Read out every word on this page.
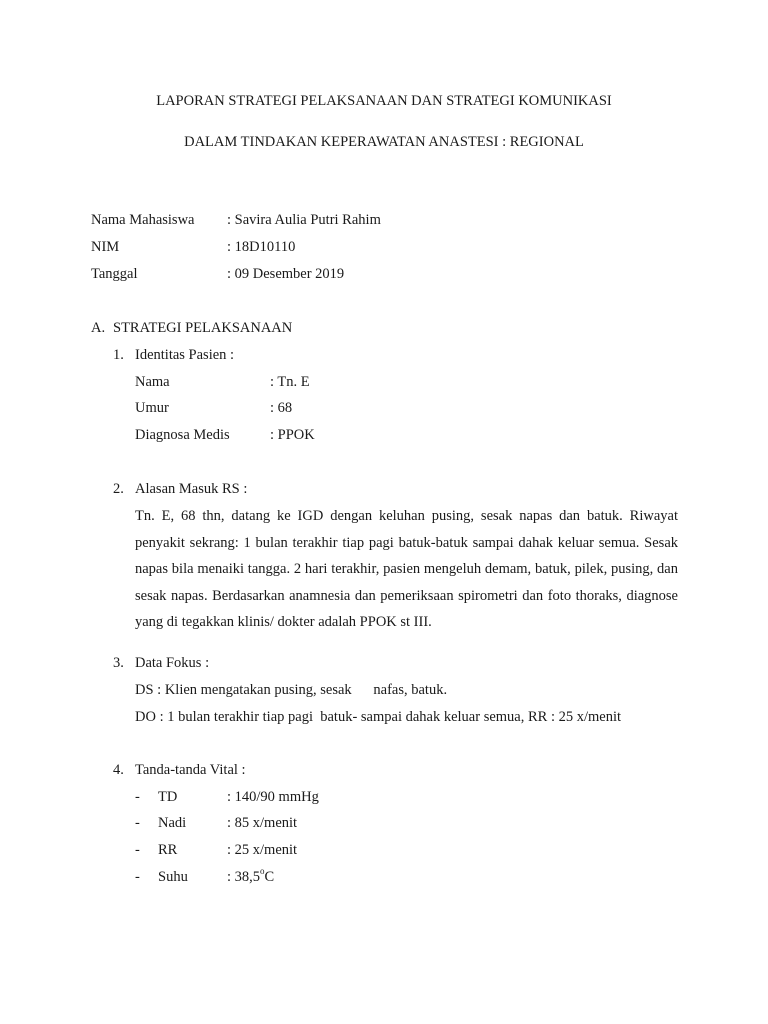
LAPORAN STRATEGI PELAKSANAAN DAN STRATEGI KOMUNIKASI
DALAM TINDAKAN KEPERAWATAN ANASTESI : REGIONAL
Nama Mahasiswa : Savira Aulia Putri Rahim
NIM	: 18D10110
Tanggal	: 09 Desember 2019
A. STRATEGI PELAKSANAAN
1. Identitas Pasien :
Nama	: Tn. E
Umur	: 68
Diagnosa Medis	: PPOK
2. Alasan Masuk RS :
Tn. E, 68 thn, datang ke IGD dengan keluhan pusing, sesak napas dan batuk. Riwayat penyakit sekrang: 1 bulan terakhir tiap pagi batuk-batuk sampai dahak keluar semua. Sesak napas bila menaiki tangga. 2 hari terakhir, pasien mengeluh demam, batuk, pilek, pusing, dan sesak napas. Berdasarkan anamnesia dan pemeriksaan spirometri dan foto thoraks, diagnose yang di tegakkan klinis/ dokter adalah PPOK st III.
3. Data Fokus :
DS : Klien mengatakan pusing, sesak      nafas, batuk.
DO : 1 bulan terakhir tiap pagi  batuk- sampai dahak keluar semua, RR : 25 x/menit
4. Tanda-tanda Vital :
- TD	: 140/90 mmHg
- Nadi	: 85 x/menit
- RR	: 25 x/menit
- Suhu	: 38,5$^o$C
